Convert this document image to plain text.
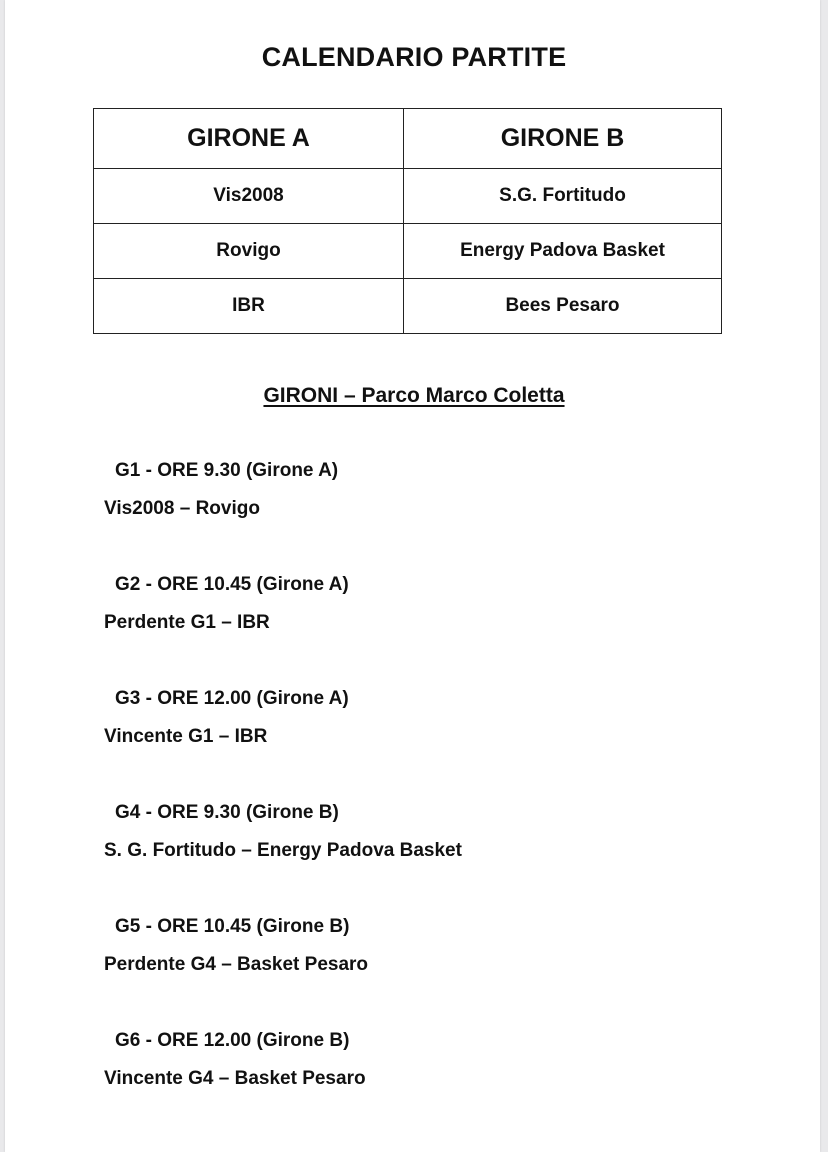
CALENDARIO PARTITE
GIRONE A	GIRONE B
Vis2008	S.G. Fortitudo
Rovigo	Energy Padova Basket
IBR	Bees Pesaro
GIRONI – Parco Marco Coletta
G1 - ORE 9.30 (Girone A)
Vis2008 – Rovigo
G2 - ORE 10.45 (Girone A)
Perdente G1 – IBR
G3 - ORE 12.00 (Girone A)
Vincente G1 – IBR
G4 - ORE 9.30 (Girone B)
S. G. Fortitudo – Energy Padova Basket
G5 - ORE 10.45 (Girone B)
Perdente G4 – Basket Pesaro
G6 - ORE 12.00 (Girone B)
Vincente G4 – Basket Pesaro
